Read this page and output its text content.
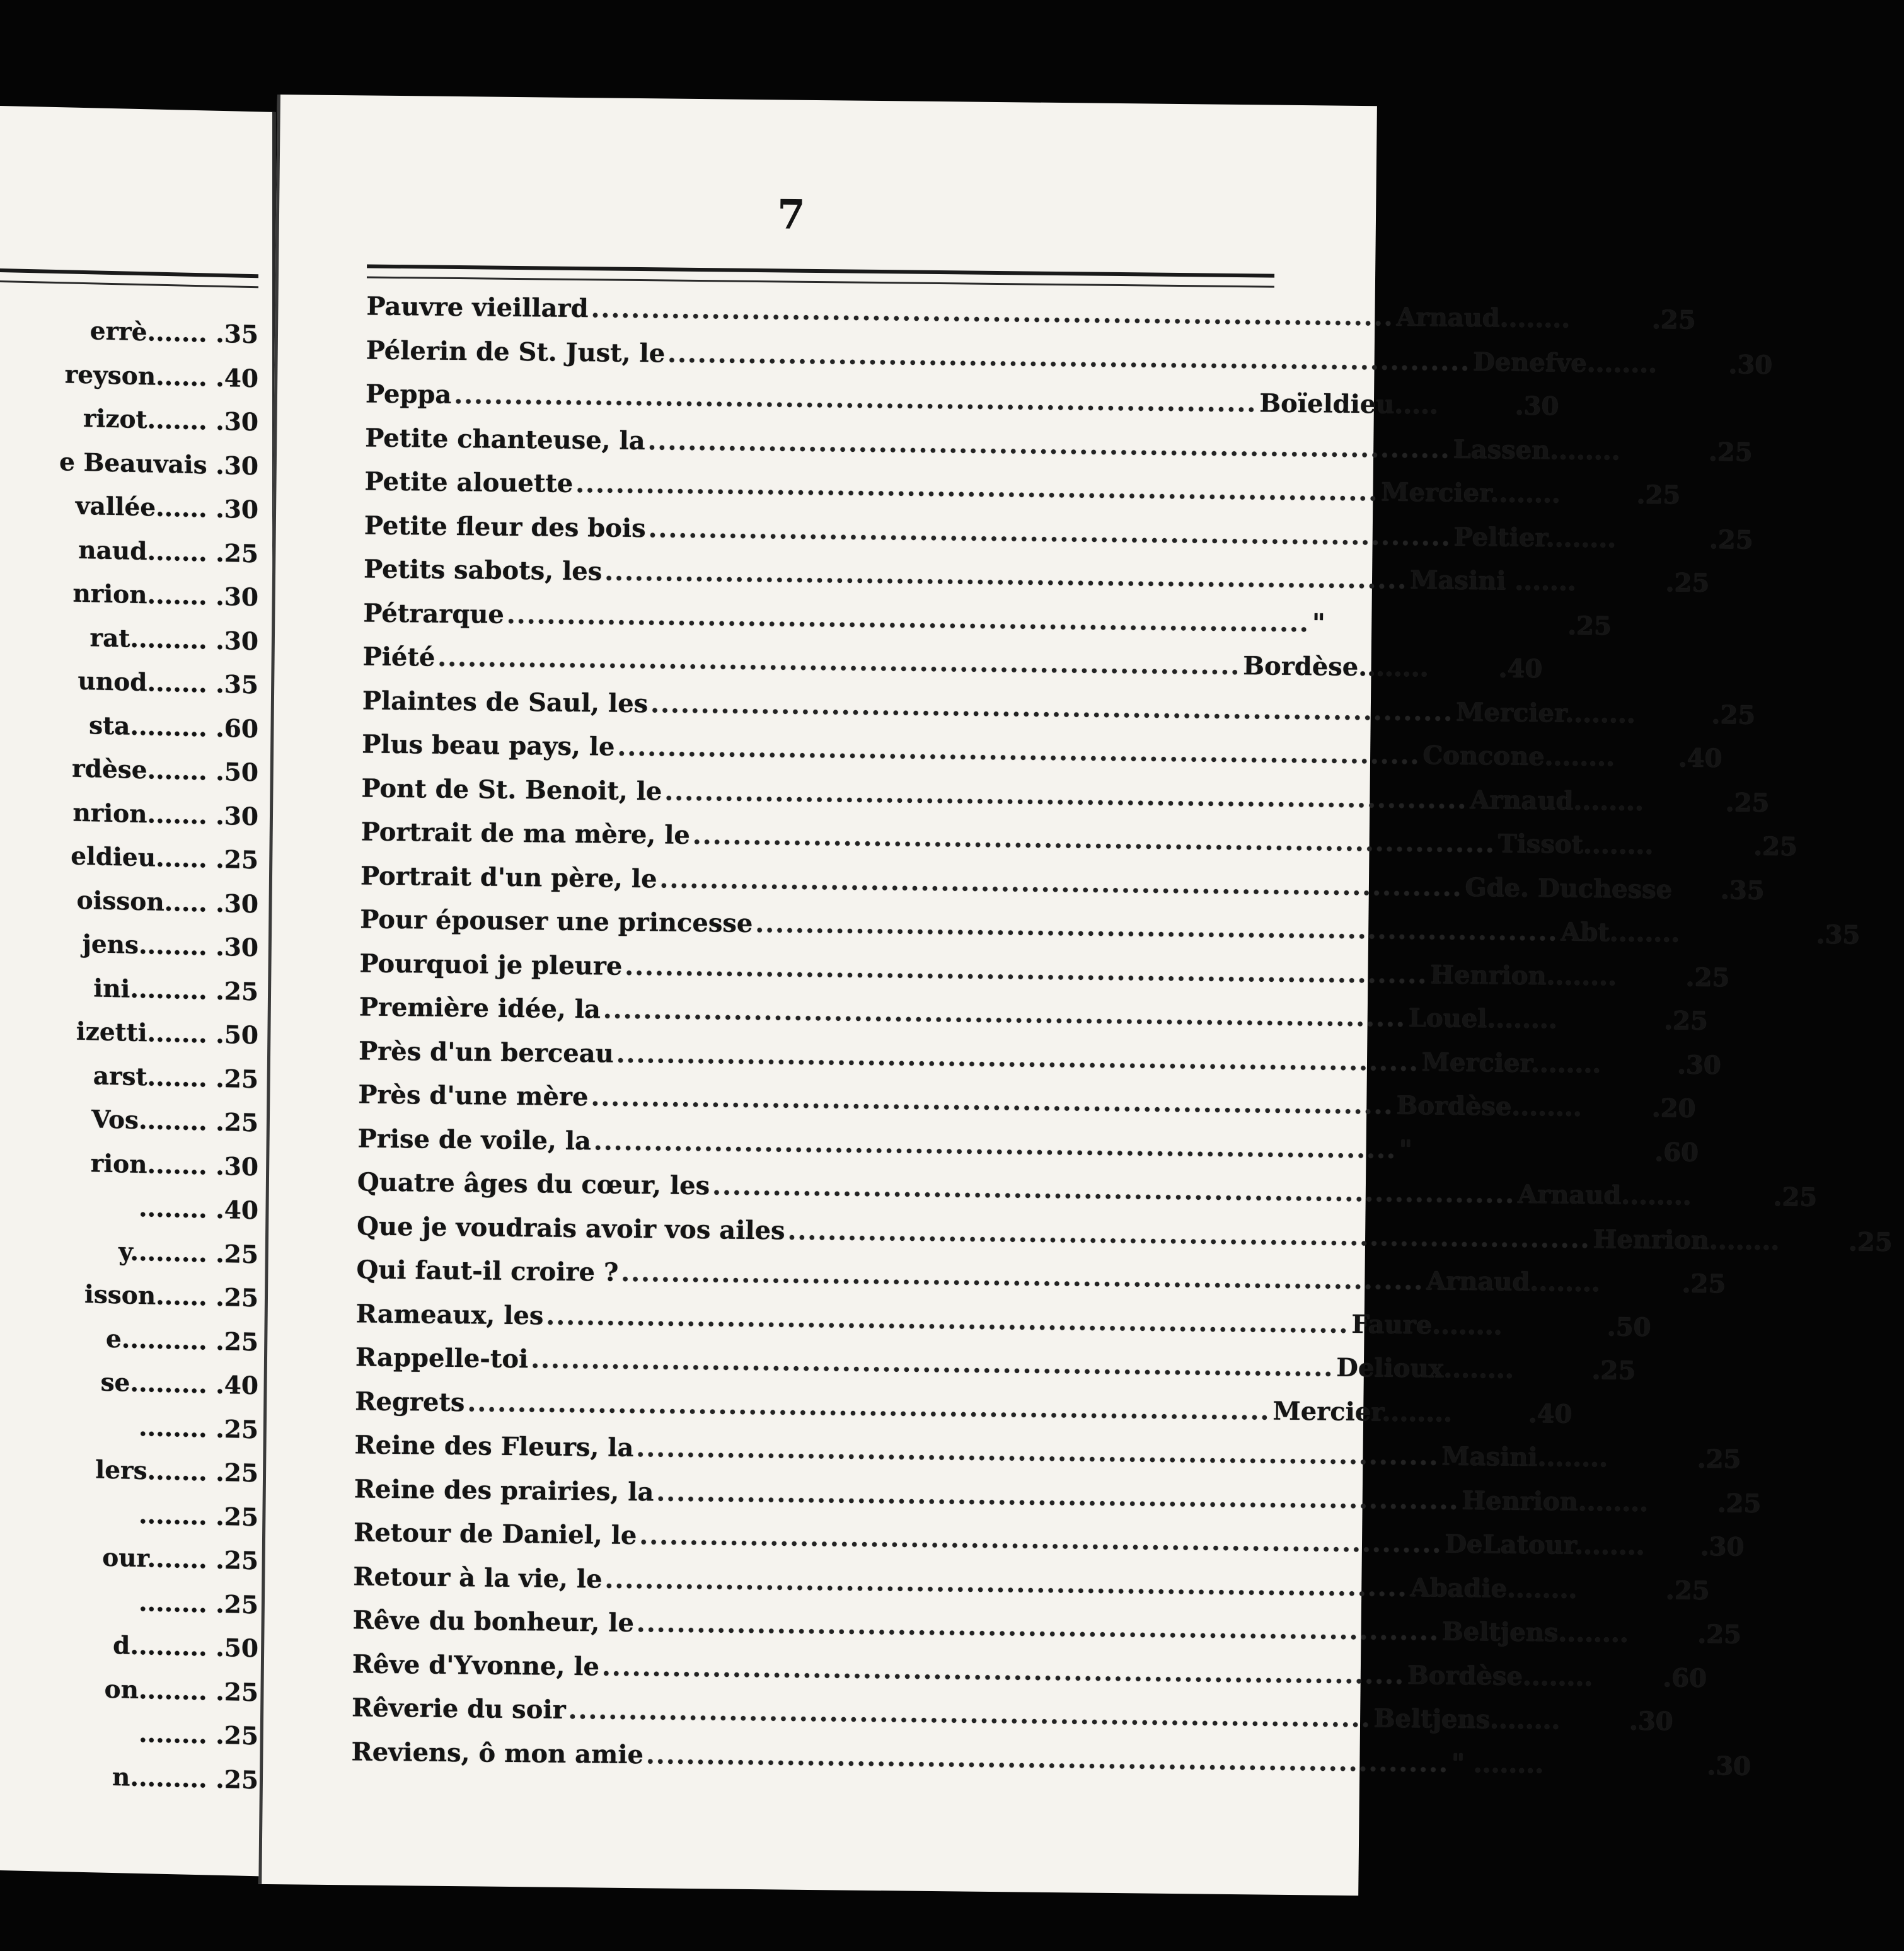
errè....... .35
reyson...... .40
rizot....... .30
e Beauvais .30
vallée...... .30
naud....... .25
nrion....... .30
rat......... .30
unod....... .35
sta......... .60
rdèse....... .50
nrion....... .30
eldieu...... .25
oisson..... .30
jens........ .30
ini......... .25
izetti....... .50
arst....... .25
Vos........ .25
rion....... .30
........ .40
y......... .25
isson...... .25
e.......... .25
se......... .40
........ .25
lers....... .25
........ .25
our....... .25
........ .25
d......... .50
on........ .25
........ .25
n......... .25
7
Pauvre vieillard ................................................................................ Arnaud........	.25
Pélerin de St. Just, le ................................................................................ Denefve........	.30
Peppa ................................................................................ Boïeldieu.....	.30
Petite chanteuse, la ................................................................................ Lassen........	.25
Petite alouette ................................................................................ Mercier........	.25
Petite fleur des bois ................................................................................ Peltier........	.25
Petits sabots, les ................................................................................ Masini .......	.25
Pétrarque ................................................................................ "	.25
Piété ................................................................................ Bordèse........	.40
Plaintes de Saul, les ................................................................................ Mercier........	.25
Plus beau pays, le ................................................................................ Concone........	.40
Pont de St. Benoit, le ................................................................................ Arnaud........	.25
Portrait de ma mère, le ................................................................................ Tissot........	.25
Portrait d'un père, le ................................................................................ Gde. Duchesse	.35
Pour épouser une princesse ................................................................................ Abt........	.35
Pourquoi je pleure ................................................................................ Henrion........	.25
Première idée, la ................................................................................ Louel........	.25
Près d'un berceau ................................................................................ Mercier........	.30
Près d'une mère ................................................................................ Bordèse........	.20
Prise de voile, la ................................................................................ "	.60
Quatre âges du cœur, les ................................................................................ Arnaud........	.25
Que je voudrais avoir vos ailes ................................................................................ Henrion........	.25
Qui faut-il croire ? ................................................................................ Arnaud........	.25
Rameaux, les ................................................................................ Faure........	.50
Rappelle-toi ................................................................................ Delioux........	.25
Regrets ................................................................................ Mercier........	.40
Reine des Fleurs, la ................................................................................ Masini........	.25
Reine des prairies, la ................................................................................ Henrion........	.25
Retour de Daniel, le ................................................................................ DeLatour........	.30
Retour à la vie, le ................................................................................ Abadie........	.25
Rêve du bonheur, le ................................................................................ Beltjens........	.25
Rêve d'Yvonne, le ................................................................................ Bordèse........	.60
Rêverie du soir ................................................................................ Beltjens........	.30
Reviens, ô mon amie ................................................................................ " ........	.30
